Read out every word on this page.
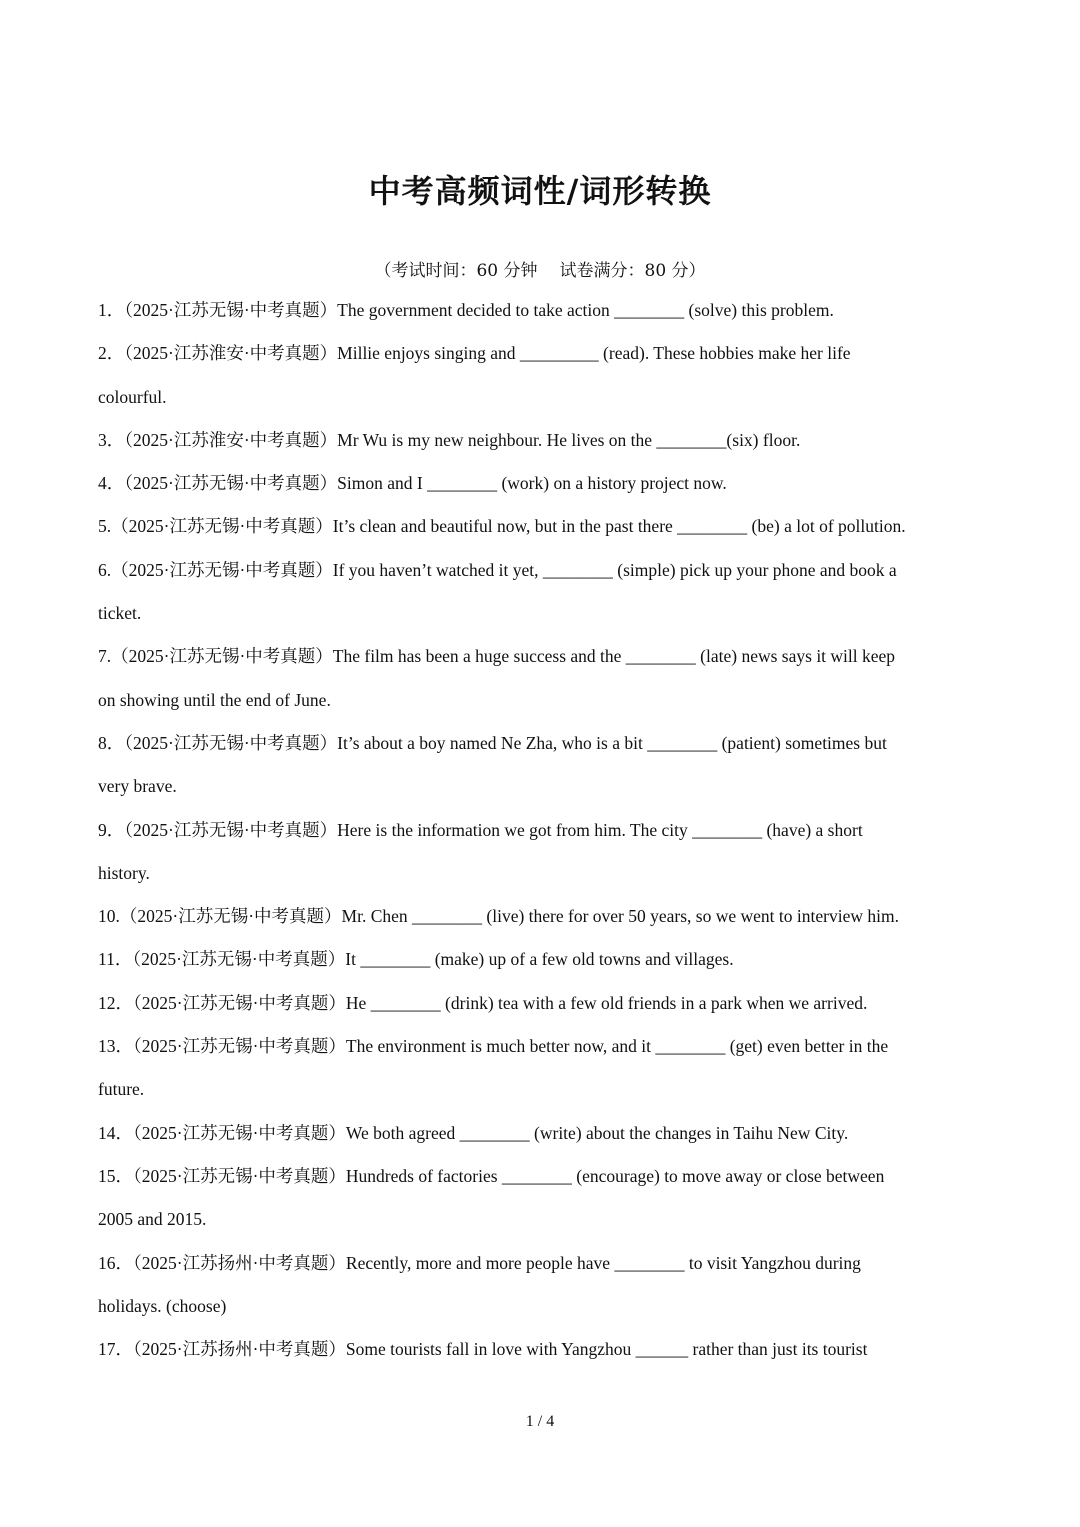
中考高频词性/词形转换
（考试时间：60 分钟 试卷满分：80 分）
1．（2025·江苏无锡·中考真题）The government decided to take action ________ (solve) this problem.
2．（2025·江苏淮安·中考真题）Millie enjoys singing and _________ (read). These hobbies make her life
colourful.
3．（2025·江苏淮安·中考真题）Mr Wu is my new neighbour. He lives on the ________(six) floor.
4．（2025·江苏无锡·中考真题）Simon and I ________ (work) on a history project now.
5.（2025·江苏无锡·中考真题）It’s clean and beautiful now, but in the past there ________ (be) a lot of pollution.
6.（2025·江苏无锡·中考真题）If you haven’t watched it yet, ________ (simple) pick up your phone and book a
ticket.
7.（2025·江苏无锡·中考真题）The film has been a huge success and the ________ (late) news says it will keep
on showing until the end of June.
8．（2025·江苏无锡·中考真题）It’s about a boy named Ne Zha, who is a bit ________ (patient) sometimes but
very brave.
9．（2025·江苏无锡·中考真题）Here is the information we got from him. The city ________ (have) a short
history.
10.（2025·江苏无锡·中考真题）Mr. Chen ________ (live) there for over 50 years, so we went to interview him.
11．（2025·江苏无锡·中考真题）It ________ (make) up of a few old towns and villages.
12．（2025·江苏无锡·中考真题）He ________ (drink) tea with a few old friends in a park when we arrived.
13．（2025·江苏无锡·中考真题）The environment is much better now, and it ________ (get) even better in the
future.
14．（2025·江苏无锡·中考真题）We both agreed ________ (write) about the changes in Taihu New City.
15．（2025·江苏无锡·中考真题）Hundreds of factories ________ (encourage) to move away or close between
2005 and 2015.
16．（2025·江苏扬州·中考真题）Recently, more and more people have ________ to visit Yangzhou during
holidays. (choose)
17．（2025·江苏扬州·中考真题）Some tourists fall in love with Yangzhou ______ rather than just its tourist
1 / 4
